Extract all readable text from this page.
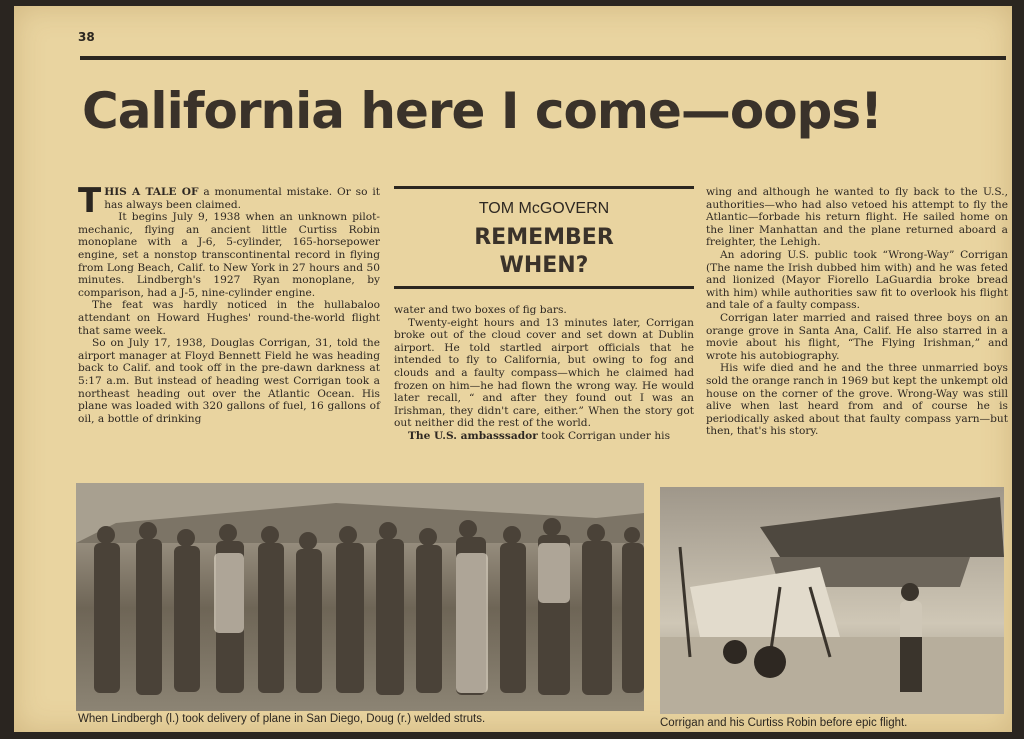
38
California here I come—oops!

THIS A TALE OF a monumental mistake. Or so it has always been claimed.

It begins July 9, 1938 when an unknown pilot-mechanic, flying an ancient little Curtiss Robin monoplane with a J-6, 5-cylinder, 165-horsepower engine, set a nonstop transcontinental record in flying from Long Beach, Calif. to New York in 27 hours and 50 minutes. Lindbergh's 1927 Ryan monoplane, by comparison, had a J-5, nine-cylinder engine.

The feat was hardly noticed in the hullabaloo attendant on Howard Hughes' round-the-world flight that same week.

So on July 17, 1938, Douglas Corrigan, 31, told the airport manager at Floyd Bennett Field he was heading back to Calif. and took off in the pre-dawn darkness at 5:17 a.m. But instead of heading west Corrigan took a northeast heading out over the Atlantic Ocean. His plane was loaded with 320 gallons of fuel, 16 gallons of oil, a bottle of drinking

TOM McGOVERN
REMEMBER
WHEN?

water and two boxes of fig bars.

Twenty-eight hours and 13 minutes later, Corrigan broke out of the cloud cover and set down at Dublin airport. He told startled airport officials that he intended to fly to California, but owing to fog and clouds and a faulty compass—which he claimed had frozen on him—he had flown the wrong way. He would later recall, “ and after they found out I was an Irishman, they didn't care, either.” When the story got out neither did the rest of the world.

The U.S. ambasssador took Corrigan under his

wing and although he wanted to fly back to the U.S., authorities—who had also vetoed his attempt to fly the Atlantic—forbade his return flight. He sailed home on the liner Manhattan and the plane returned aboard a freighter, the Lehigh.

An adoring U.S. public took “Wrong-Way” Corrigan (The name the Irish dubbed him with) and he was feted and lionized (Mayor Fiorello LaGuardia broke bread with him) while authorities saw fit to overlook his flight and tale of a faulty compass.

Corrigan later married and raised three boys on an orange grove in Santa Ana, Calif. He also starred in a movie about his flight, “The Flying Irishman,” and wrote his autobiography.

His wife died and he and the three unmarried boys sold the orange ranch in 1969 but kept the unkempt old house on the corner of the grove. Wrong-Way was still alive when last heard from and of course he is periodically asked about that faulty compass yarn—but then, that's his story.

When Lindbergh (l.) took delivery of plane in San Diego, Doug (r.) welded struts.	Corrigan and his Curtiss Robin before epic flight.
